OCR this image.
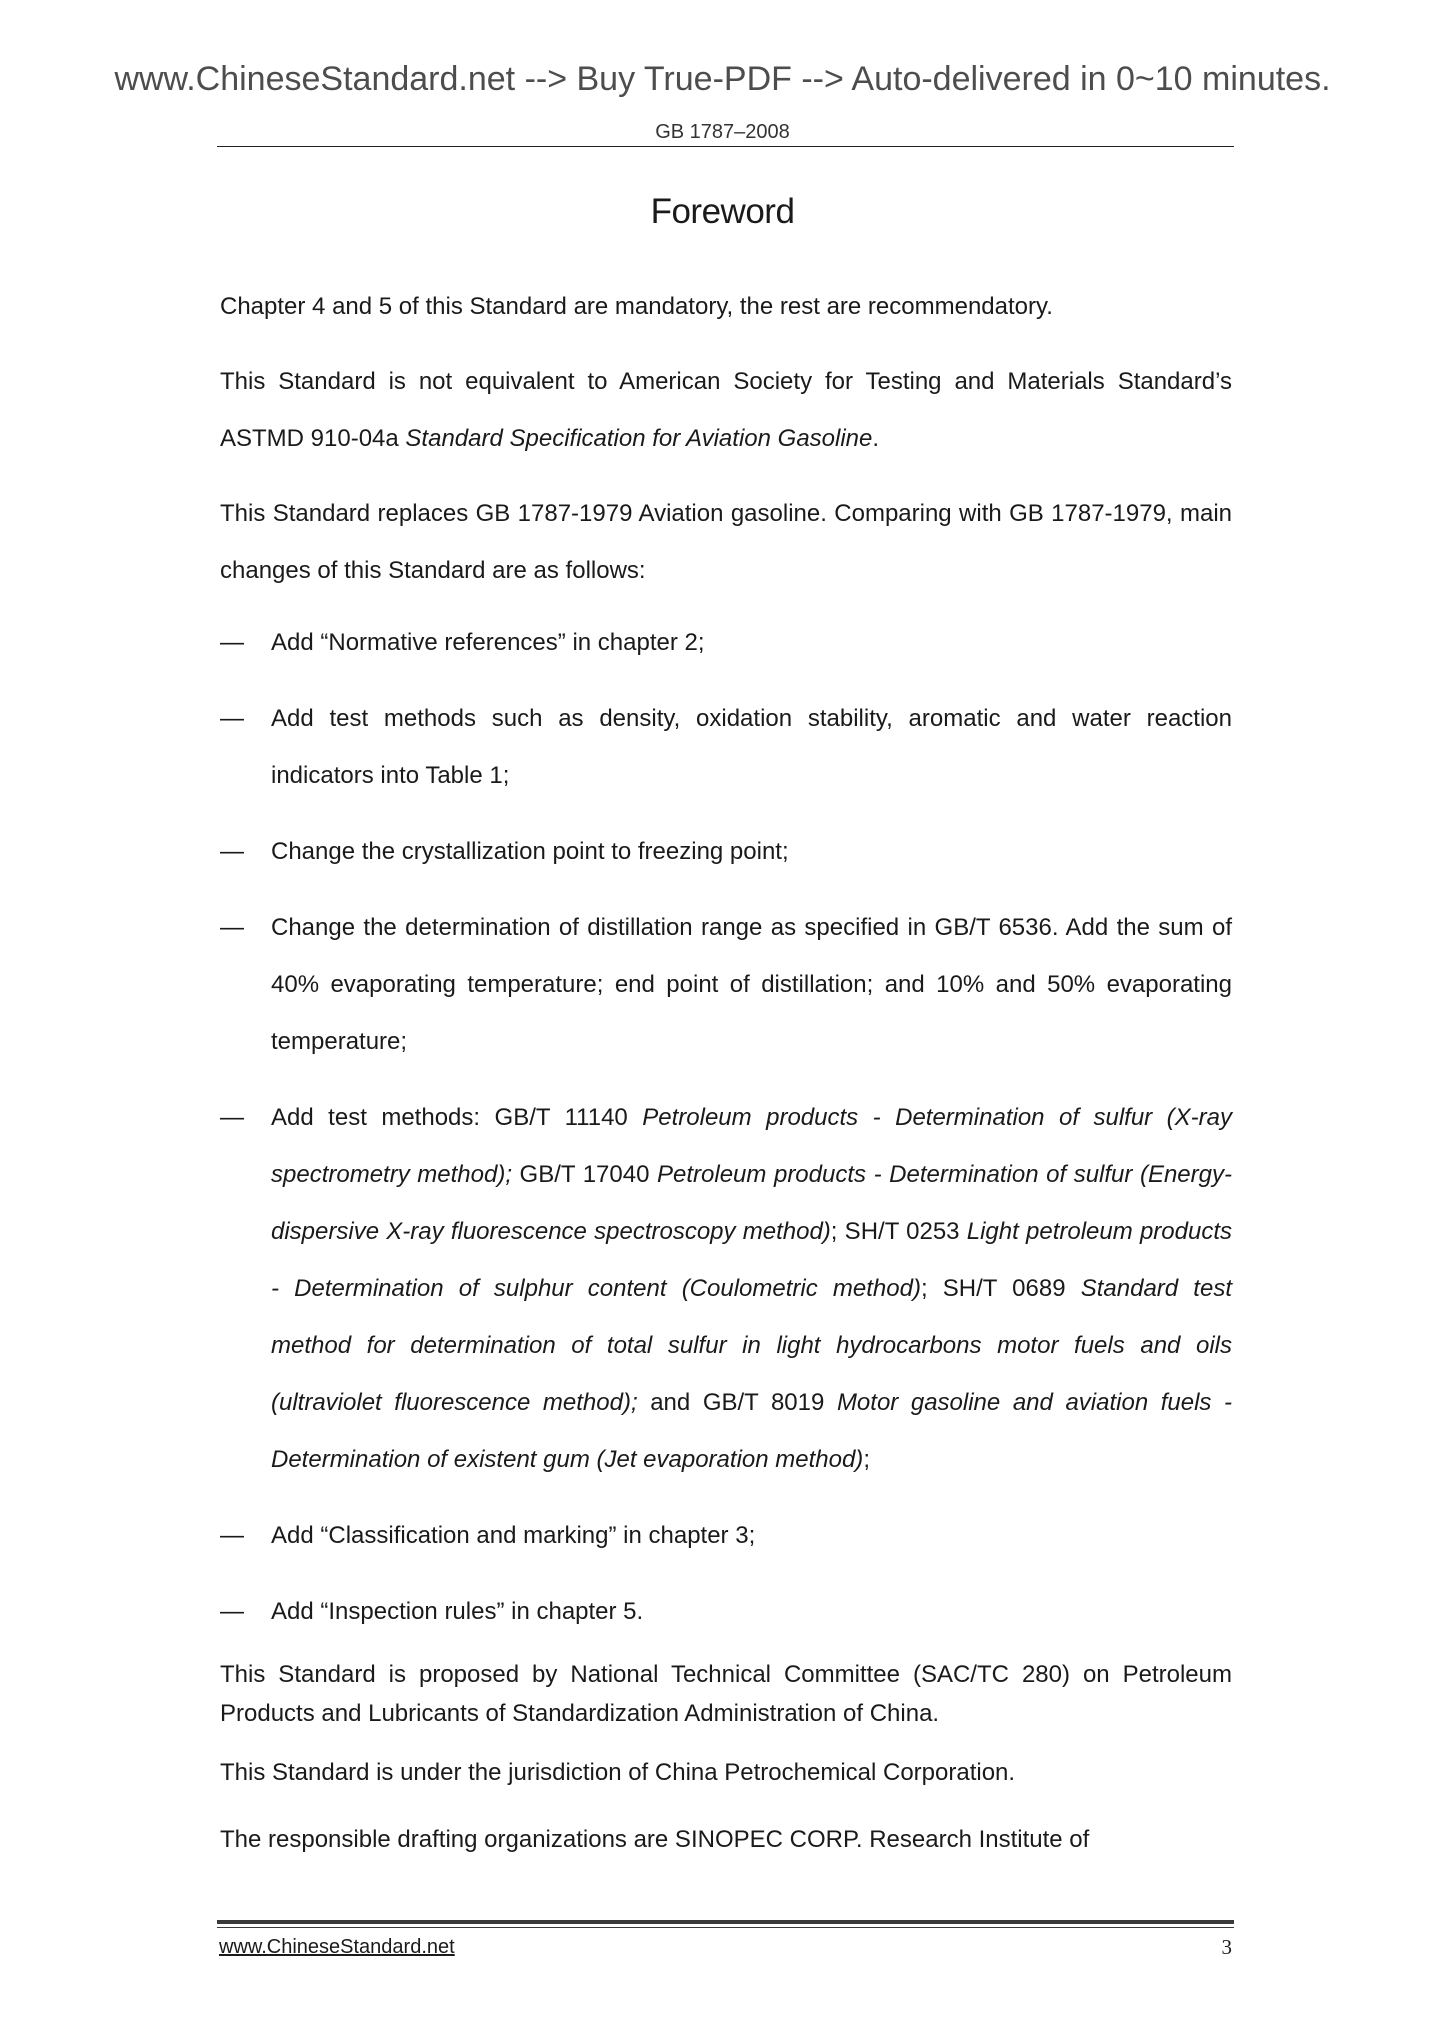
www.ChineseStandard.net --> Buy True-PDF --> Auto-delivered in 0~10 minutes.
GB 1787–2008
Foreword

Chapter 4 and 5 of this Standard are mandatory, the rest are recommendatory.

This Standard is not equivalent to American Society for Testing and Materials Standard’s ASTMD 910-04a Standard Specification for Aviation Gasoline.

This Standard replaces GB 1787-1979 Aviation gasoline. Comparing with GB 1787-1979, main changes of this Standard are as follows:

— Add “Normative references” in chapter 2;
— Add test methods such as density, oxidation stability, aromatic and water reaction indicators into Table 1;
— Change the crystallization point to freezing point;
— Change the determination of distillation range as specified in GB/T 6536. Add the sum of 40% evaporating temperature; end point of distillation; and 10% and 50% evaporating temperature;
— Add test methods: GB/T 11140 Petroleum products - Determination of sulfur (X-ray spectrometry method); GB/T 17040 Petroleum products - Determination of sulfur (Energy-dispersive X-ray fluorescence spectroscopy method); SH/T 0253 Light petroleum products - Determination of sulphur content (Coulometric method); SH/T 0689 Standard test method for determination of total sulfur in light hydrocarbons motor fuels and oils (ultraviolet fluorescence method); and GB/T 8019 Motor gasoline and aviation fuels - Determination of existent gum (Jet evaporation method);
— Add “Classification and marking” in chapter 3;
— Add “Inspection rules” in chapter 5.

This Standard is proposed by National Technical Committee (SAC/TC 280) on Petroleum Products and Lubricants of Standardization Administration of China.

This Standard is under the jurisdiction of China Petrochemical Corporation.

The responsible drafting organizations are SINOPEC CORP. Research Institute of

www.ChineseStandard.net	3
